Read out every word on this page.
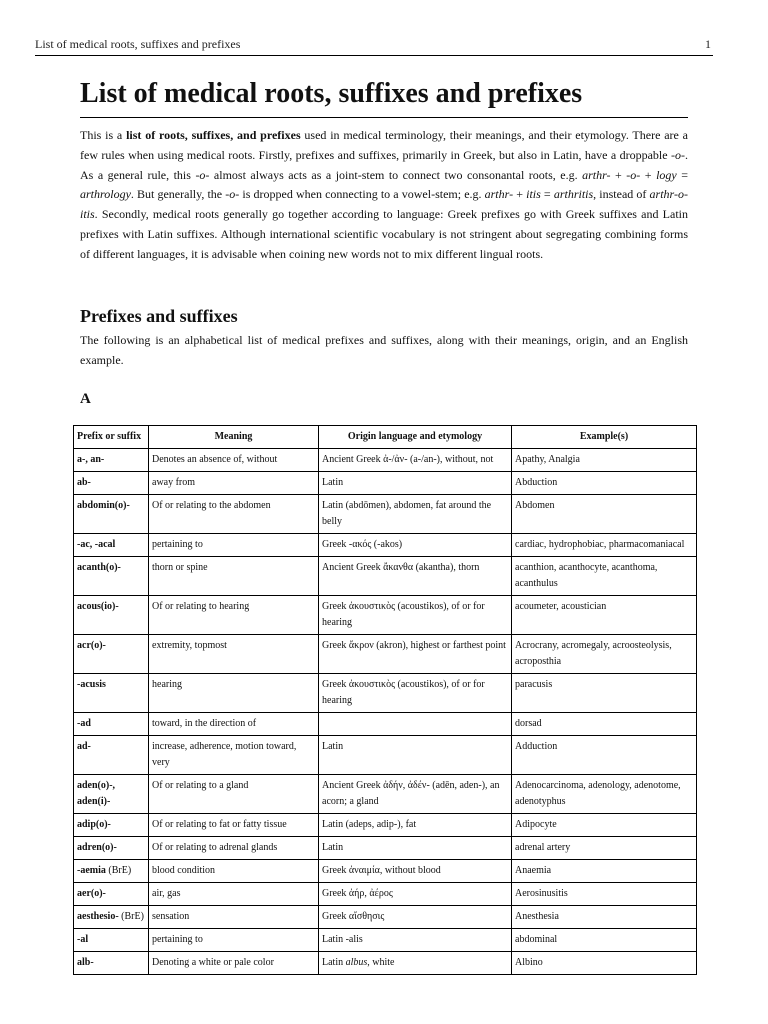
List of medical roots, suffixes and prefixes	1
List of medical roots, suffixes and prefixes

This is a list of roots, suffixes, and prefixes used in medical terminology, their meanings, and their etymology. There are a few rules when using medical roots. Firstly, prefixes and suffixes, primarily in Greek, but also in Latin, have a droppable -o-. As a general rule, this -o- almost always acts as a joint-stem to connect two consonantal roots, e.g. arthr- + -o- + logy = arthrology. But generally, the -o- is dropped when connecting to a vowel-stem; e.g. arthr- + itis = arthritis, instead of arthr-o-itis. Secondly, medical roots generally go together according to language: Greek prefixes go with Greek suffixes and Latin prefixes with Latin suffixes. Although international scientific vocabulary is not stringent about segregating combining forms of different languages, it is advisable when coining new words not to mix different lingual roots.

Prefixes and suffixes

The following is an alphabetical list of medical prefixes and suffixes, along with their meanings, origin, and an English example.

A
Prefix or suffix	Meaning	Origin language and etymology	Example(s)
a-, an-	Denotes an absence of, without	Ancient Greek ἀ-/ἀν- (a-/an-), without, not	Apathy, Analgia
ab-	away from	Latin	Abduction
abdomin(o)-	Of or relating to the abdomen	Latin (abdōmen), abdomen, fat around the belly	Abdomen
-ac, -acal	pertaining to	Greek -ακός (-akos)	cardiac, hydrophobiac, pharmacomaniacal
acanth(o)-	thorn or spine	Ancient Greek ἄκανθα (akantha), thorn	acanthion, acanthocyte, acanthoma, acanthulus
acous(io)-	Of or relating to hearing	Greek ἀκουστικὸς (acoustikos), of or for hearing	acoumeter, acoustician
acr(o)-	extremity, topmost	Greek ἄκρον (akron), highest or farthest point	Acrocrany, acromegaly, acroosteolysis, acroposthia
-acusis	hearing	Greek ἀκουστικὸς (acoustikos), of or for hearing	paracusis
-ad	toward, in the direction of		dorsad
ad-	increase, adherence, motion toward, very	Latin	Adduction
aden(o)-, aden(i)-	Of or relating to a gland	Ancient Greek ἀδήν, ἀδέν- (adēn, aden-), an acorn; a gland	Adenocarcinoma, adenology, adenotome, adenotyphus
adip(o)-	Of or relating to fat or fatty tissue	Latin (adeps, adip-), fat	Adipocyte
adren(o)-	Of or relating to adrenal glands	Latin	adrenal artery
-aemia (BrE)	blood condition	Greek ἀναιμία, without blood	Anaemia
aer(o)-	air, gas	Greek ἀήρ, ἀέρος	Aerosinusitis
aesthesio- (BrE)	sensation	Greek αἴσθησις	Anesthesia
-al	pertaining to	Latin -alis	abdominal
alb-	Denoting a white or pale color	Latin albus, white	Albino
